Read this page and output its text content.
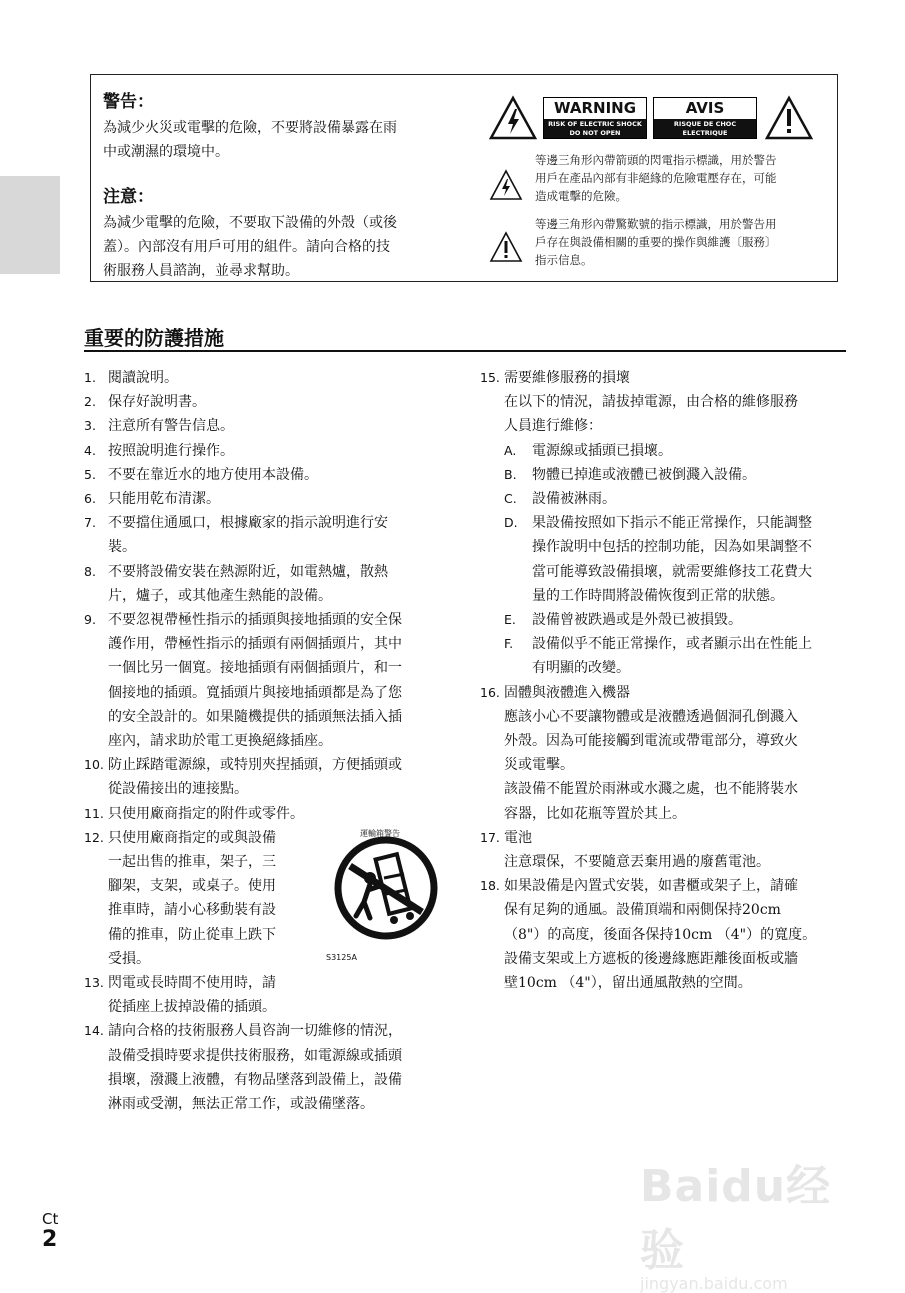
警告：

為減少火災或電擊的危險，不要將設備暴露在雨
中或潮濕的環境中。

注意：

為減少電擊的危險，不要取下設備的外殼（或後
蓋）。內部沒有用戶可用的組件。請向合格的技
術服務人員諮詢，並尋求幫助。

WARNING
RISK OF ELECTRIC SHOCK
DO NOT OPEN
AVIS
RISQUE DE CHOC ELECTRIQUE
NE PAS OUVRIR
等邊三角形內帶箭頭的閃電指示標識，用於警告
用戶在產品內部有非絕緣的危險電壓存在，可能
造成電擊的危險。
等邊三角形內帶驚歎號的指示標識，用於警告用
戶存在與設備相關的重要的操作與維護〔服務〕
指示信息。
重要的防護措施
1. 閱讀說明。
2. 保存好說明書。
3. 注意所有警告信息。
4. 按照說明進行操作。
5. 不要在靠近水的地方使用本設備。
6. 只能用乾布清潔。
7. 不要擋住通風口，根據廠家的指示說明進行安
裝。
8. 不要將設備安裝在熱源附近，如電熱爐，散熱
片，爐子，或其他產生熱能的設備。
9. 不要忽視帶極性指示的插頭與接地插頭的安全保
護作用，帶極性指示的插頭有兩個插頭片，其中
一個比另一個寬。接地插頭有兩個插頭片，和一
個接地的插頭。寬插頭片與接地插頭都是為了您
的安全設計的。如果隨機提供的插頭無法插入插
座內，請求助於電工更換絕緣插座。
10. 防止踩踏電源線，或特別夾捏插頭，方便插頭或
從設備接出的連接點。
11. 只使用廠商指定的附件或零件。
12. 只使用廠商指定的或與設備
一起出售的推車，架子，三
腳架，支架，或桌子。使用
推車時，請小心移動裝有設
備的推車，防止從車上跌下
受損。
13. 閃電或長時間不使用時，請
從插座上拔掉設備的插頭。
14. 請向合格的技術服務人員咨詢一切維修的情況，
設備受損時要求提供技術服務，如電源線或插頭
損壞，潑濺上液體，有物品墜落到設備上，設備
淋雨或受潮，無法正常工作，或設備墜落。
運輸箱警告
S3125A
15. 需要維修服務的損壞
在以下的情況，請拔掉電源，由合格的維修服務
人員進行維修：
A. 電源線或插頭已損壞。
B. 物體已掉進或液體已被倒濺入設備。
C. 設備被淋雨。
D. 果設備按照如下指示不能正常操作，只能調整
操作說明中包括的控制功能，因為如果調整不
當可能導致設備損壞，就需要維修技工花費大
量的工作時間將設備恢復到正常的狀態。
E. 設備曾被跌過或是外殼已被損毀。
F. 設備似乎不能正常操作，或者顯示出在性能上
有明顯的改變。
16. 固體與液體進入機器
應該小心不要讓物體或是液體透過個洞孔倒濺入
外殼。因為可能接觸到電流或帶電部分，導致火
災或電擊。
該設備不能置於雨淋或水濺之處，也不能將裝水
容器，比如花瓶等置於其上。
17. 電池
注意環保，不要隨意丟棄用過的廢舊電池。
18. 如果設備是內置式安裝，如書櫃或架子上，請確
保有足夠的通風。設備頂端和兩側保持20cm
（8"）的高度，後面各保持10cm （4"）的寬度。
設備支架或上方遮板的後邊緣應距離後面板或牆
壁10cm （4"），留出通風散熱的空間。
Ct
2
Baidu经验
jingyan.baidu.com
